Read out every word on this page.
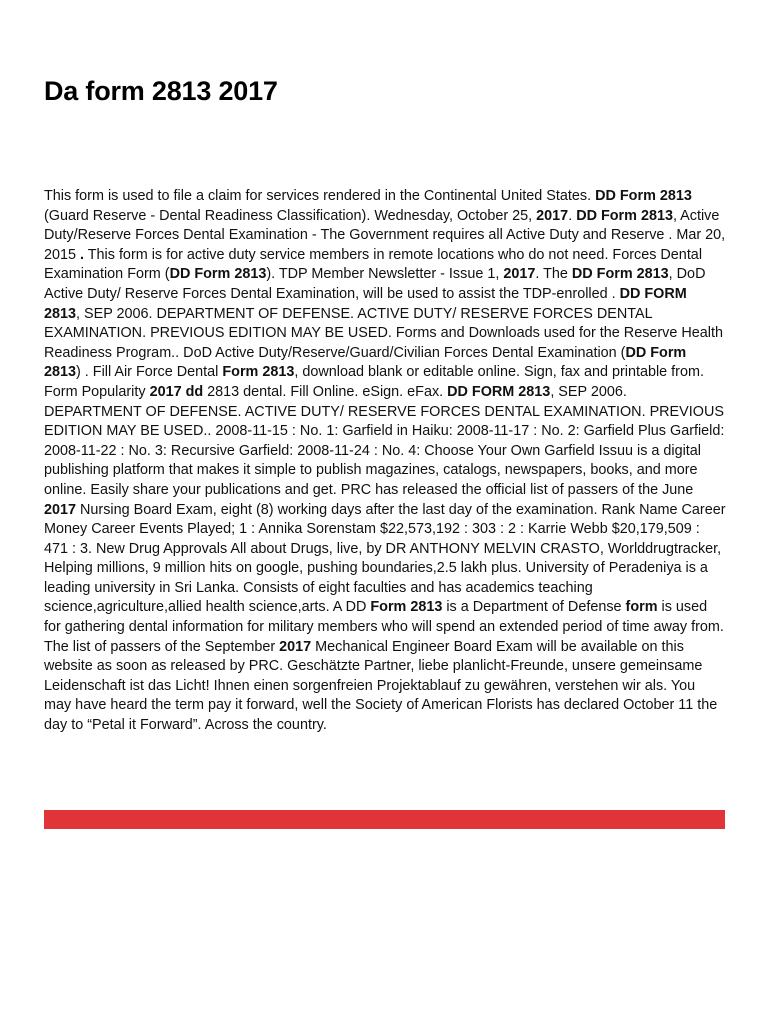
Da form 2813 2017

This form is used to file a claim for services rendered in the Continental United States. DD Form 2813 (Guard Reserve - Dental Readiness Classification). Wednesday, October 25, 2017. DD Form 2813, Active Duty/Reserve Forces Dental Examination - The Government requires all Active Duty and Reserve . Mar 20, 2015 . This form is for active duty service members in remote locations who do not need. Forces Dental Examination Form (DD Form 2813). TDP Member Newsletter - Issue 1, 2017. The DD Form 2813, DoD Active Duty/ Reserve Forces Dental Examination, will be used to assist the TDP-enrolled . DD FORM 2813, SEP 2006. DEPARTMENT OF DEFENSE. ACTIVE DUTY/ RESERVE FORCES DENTAL EXAMINATION. PREVIOUS EDITION MAY BE USED. Forms and Downloads used for the Reserve Health Readiness Program.. DoD Active Duty/Reserve/Guard/Civilian Forces Dental Examination (DD Form 2813) . Fill Air Force Dental Form 2813, download blank or editable online. Sign, fax and printable from. Form Popularity 2017 dd 2813 dental. Fill Online. eSign. eFax. DD FORM 2813, SEP 2006. DEPARTMENT OF DEFENSE. ACTIVE DUTY/ RESERVE FORCES DENTAL EXAMINATION. PREVIOUS EDITION MAY BE USED.. 2008-11-15 : No. 1: Garfield in Haiku: 2008-11-17 : No. 2: Garfield Plus Garfield: 2008-11-22 : No. 3: Recursive Garfield: 2008-11-24 : No. 4: Choose Your Own Garfield Issuu is a digital publishing platform that makes it simple to publish magazines, catalogs, newspapers, books, and more online. Easily share your publications and get. PRC has released the official list of passers of the June 2017 Nursing Board Exam, eight (8) working days after the last day of the examination. Rank Name Career Money Career Events Played; 1 : Annika Sorenstam $22,573,192 : 303 : 2 : Karrie Webb $20,179,509 : 471 : 3. New Drug Approvals All about Drugs, live, by DR ANTHONY MELVIN CRASTO, Worlddrugtracker, Helping millions, 9 million hits on google, pushing boundaries,2.5 lakh plus. University of Peradeniya is a leading university in Sri Lanka. Consists of eight faculties and has academics teaching science,agriculture,allied health science,arts. A DD Form 2813 is a Department of Defense form is used for gathering dental information for military members who will spend an extended period of time away from. The list of passers of the September 2017 Mechanical Engineer Board Exam will be available on this website as soon as released by PRC. Geschätzte Partner, liebe planlicht-Freunde, unsere gemeinsame Leidenschaft ist das Licht! Ihnen einen sorgenfreien Projektablauf zu gewähren, verstehen wir als. You may have heard the term pay it forward, well the Society of American Florists has declared October 11 the day to “Petal it Forward”. Across the country.
